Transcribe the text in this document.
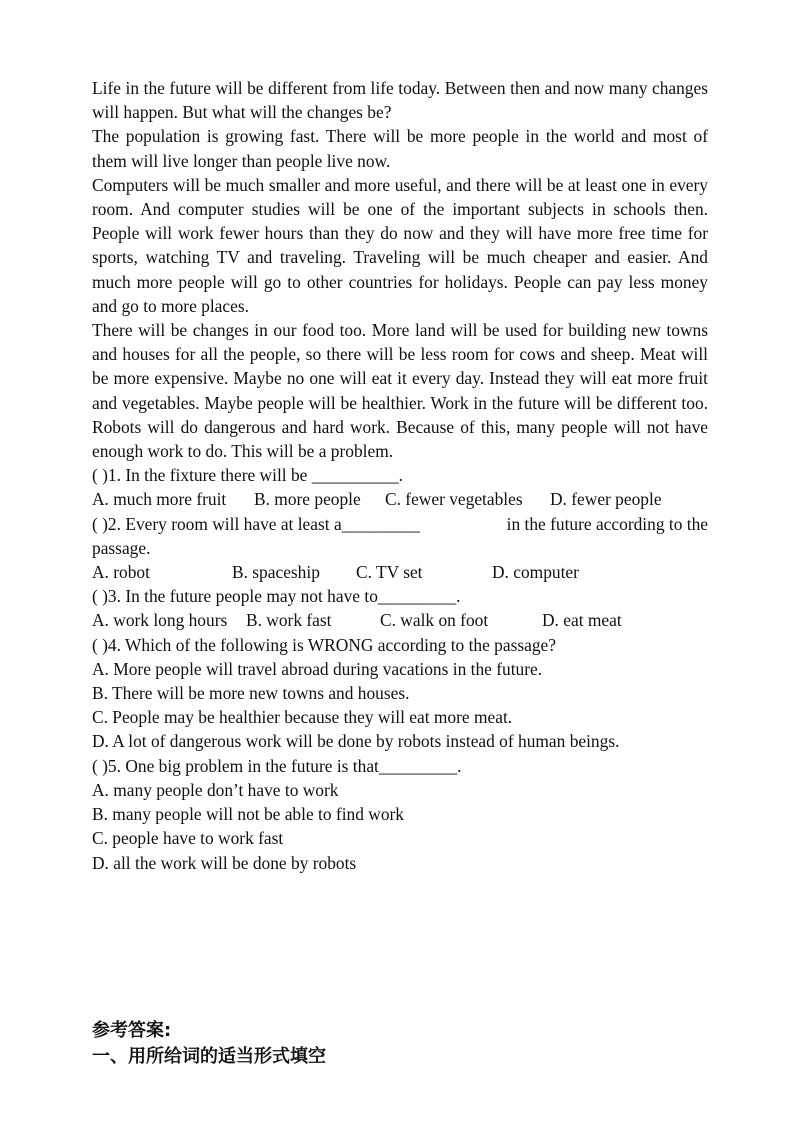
Life in the future will be different from life today. Between then and now many changes will happen. But what will the changes be?

The population is growing fast. There will be more people in the world and most of them will live longer than people live now.

Computers will be much smaller and more useful, and there will be at least one in every room. And computer studies will be one of the important subjects in schools then. People will work fewer hours than they do now and they will have more free time for sports, watching TV and traveling. Traveling will be much cheaper and easier. And much more people will go to other countries for holidays. People can pay less money and go to more places.

There will be changes in our food too. More land will be used for building new towns and houses for all the people, so there will be less room for cows and sheep. Meat will be more expensive. Maybe no one will eat it every day. Instead they will eat more fruit and vegetables. Maybe people will be healthier. Work in the future will be different too. Robots will do dangerous and hard work. Because of this, many people will not have enough work to do. This will be a problem.

( )1. In the fixture there will be __________.
A. much more fruit	B. more people	C. fewer vegetables	D. fewer people
( )2. Every room will have at least a_________	in the future according to the
passage.
A. robot	B. spaceship	C. TV set	D. computer
( )3. In the future people may not have to_________.
A. work long hours	B. work fast	C. walk on foot	D. eat meat
( )4. Which of the following is WRONG according to the passage?
A. More people will travel abroad during vacations in the future.
B. There will be more new towns and houses.
C. People may be healthier because they will eat more meat.
D. A lot of dangerous work will be done by robots instead of human beings.
( )5. One big problem in the future is that_________.
A. many people don’t have to work
B. many people will not be able to find work
C. people have to work fast
D. all the work will be done by robots
参考答案:
一、用所给词的适当形式填空
